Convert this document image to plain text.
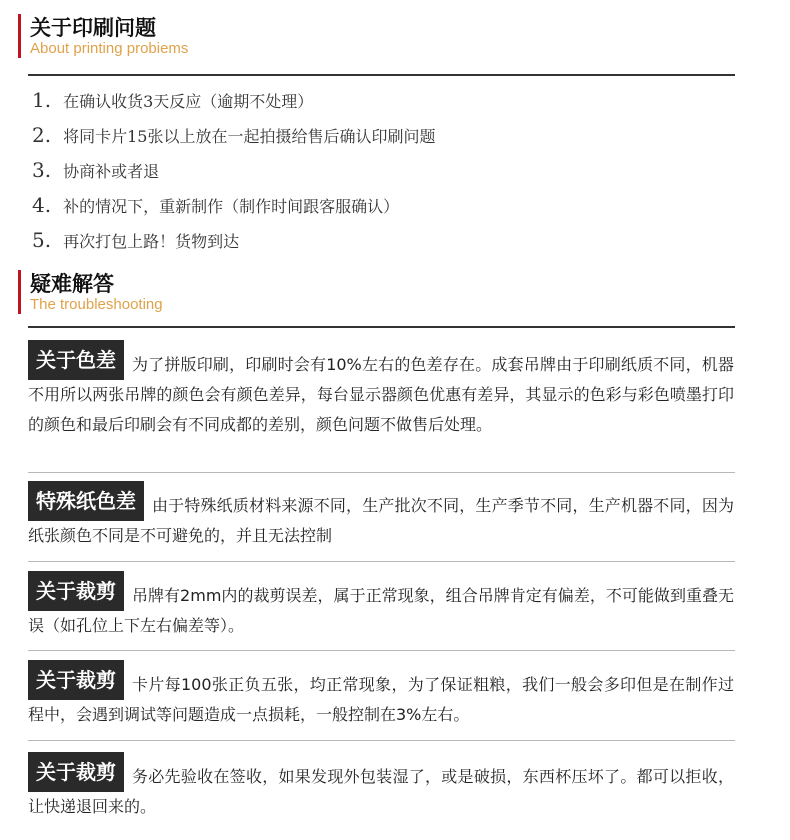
关于印刷问题
About printing probiems
1. 在确认收货3天反应（逾期不处理）
2. 将同卡片15张以上放在一起拍摄给售后确认印刷问题
3. 协商补或者退
4. 补的情况下，重新制作（制作时间跟客服确认）
5. 再次打包上路！货物到达
疑难解答
The troubleshooting
关于色差	为了拼版印刷，印刷时会有10%左右的色差存在。成套吊牌由于印刷纸质不同，机器不用所以两张吊牌的颜色会有颜色差异，每台显示器颜色优惠有差异，其显示的色彩与彩色喷墨打印的颜色和最后印刷会有不同成都的差别，颜色问题不做售后处理。

特殊纸色差	由于特殊纸质材料来源不同，生产批次不同，生产季节不同，生产机器不同，因为纸张颜色不同是不可避免的，并且无法控制

关于裁剪	吊牌有2mm内的裁剪误差，属于正常现象，组合吊牌肯定有偏差，不可能做到重叠无误（如孔位上下左右偏差等）。

关于裁剪	卡片每100张正负五张，均正常现象，为了保证粗粮，我们一般会多印但是在制作过程中，会遇到调试等问题造成一点损耗，一般控制在3%左右。

关于裁剪	务必先验收在签收，如果发现外包装湿了，或是破损，东西杯压坏了。都可以拒收，让快递退回来的。
